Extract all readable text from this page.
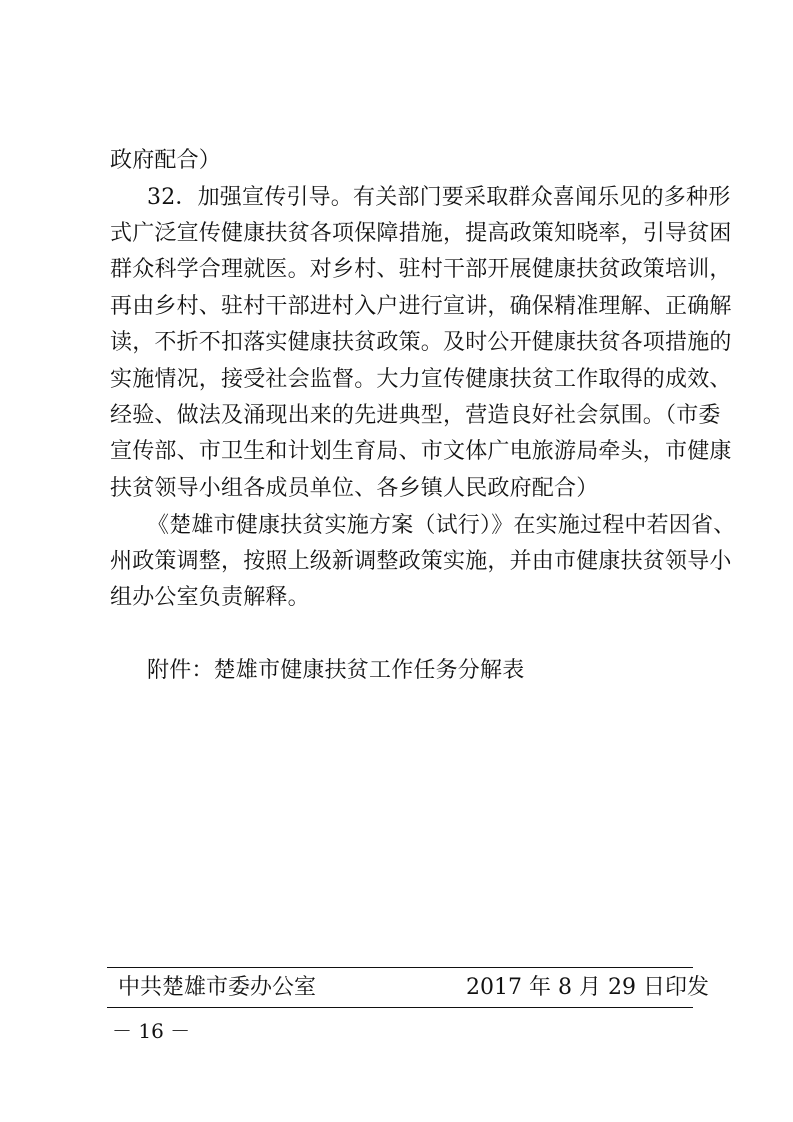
政府配合）
32．加强宣传引导。有关部门要采取群众喜闻乐见的多种形
式广泛宣传健康扶贫各项保障措施，提高政策知晓率，引导贫困
群众科学合理就医。对乡村、驻村干部开展健康扶贫政策培训，
再由乡村、驻村干部进村入户进行宣讲，确保精准理解、正确解
读，不折不扣落实健康扶贫政策。及时公开健康扶贫各项措施的
实施情况，接受社会监督。大力宣传健康扶贫工作取得的成效、
经验、做法及涌现出来的先进典型，营造良好社会氛围。（市委
宣传部、市卫生和计划生育局、市文体广电旅游局牵头，市健康
扶贫领导小组各成员单位、各乡镇人民政府配合）
《楚雄市健康扶贫实施方案（试行）》在实施过程中若因省、
州政策调整，按照上级新调整政策实施，并由市健康扶贫领导小
组办公室负责解释。
附件：楚雄市健康扶贫工作任务分解表
中共楚雄市委办公室	2017 年 8 月 29 日印发
－ 16 －
